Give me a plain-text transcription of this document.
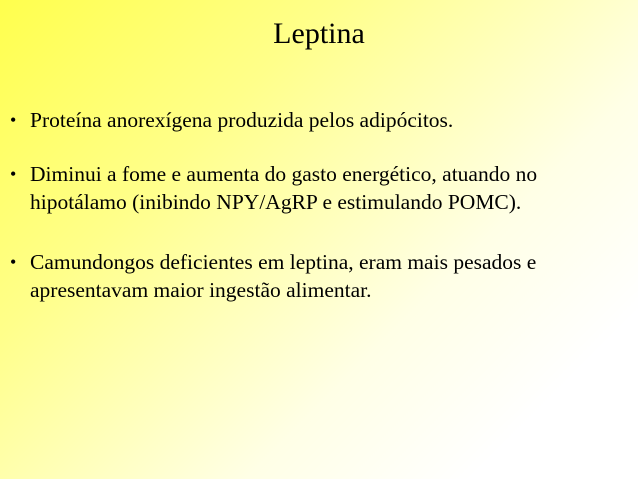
Leptina
• Proteína anorexígena produzida pelos adipócitos.
• Diminui a fome e aumenta do gasto energético, atuando no hipotálamo (inibindo NPY/AgRP e estimulando POMC).
• Camundongos deficientes em leptina, eram mais pesados e apresentavam maior ingestão alimentar.
